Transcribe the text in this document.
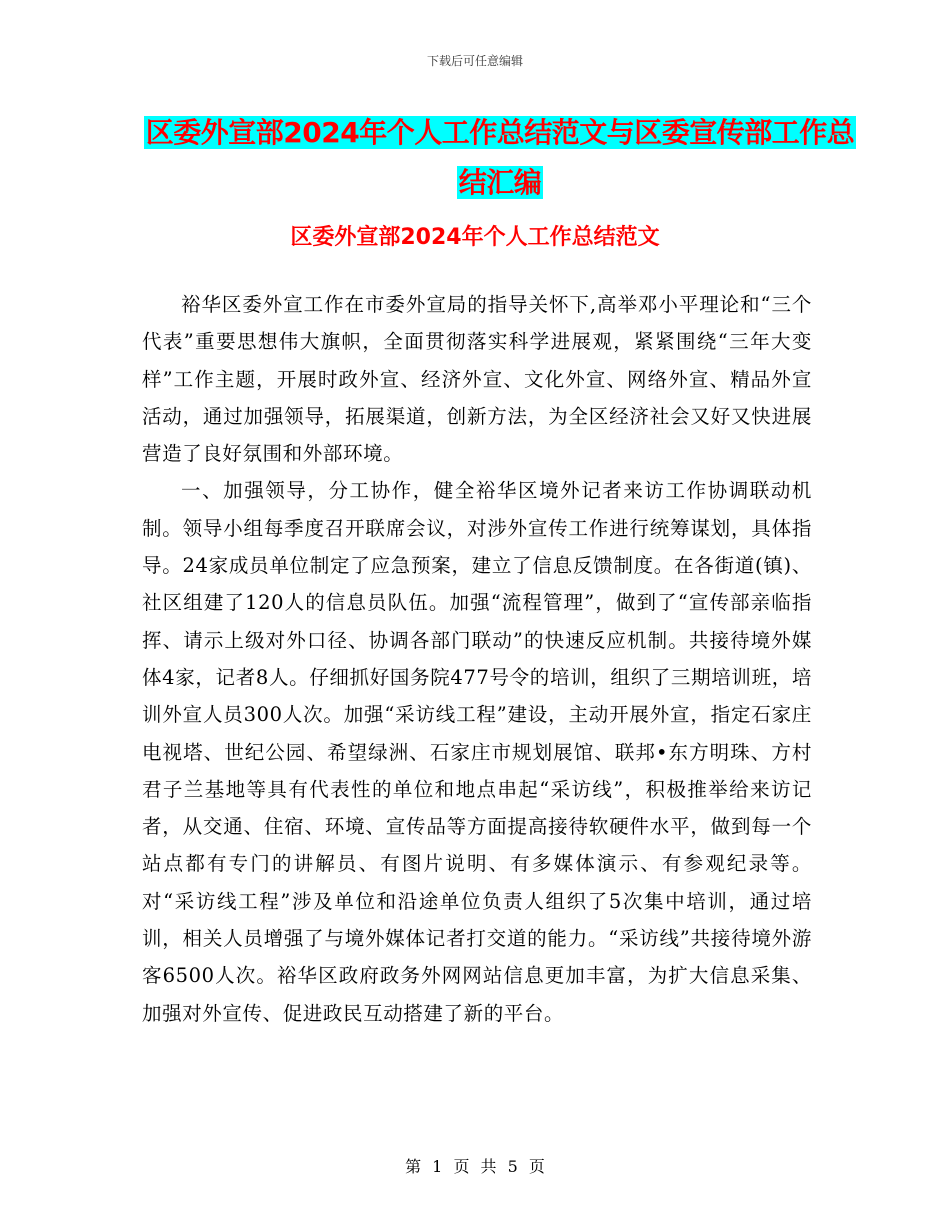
下载后可任意编辑
区委外宣部2024年个人工作总结范文与区委宣传部工作总结汇编
区委外宣部2024年个人工作总结范文

裕华区委外宣工作在市委外宣局的指导关怀下,高举邓小平理论和“三个代表”重要思想伟大旗帜，全面贯彻落实科学进展观，紧紧围绕“三年大变样”工作主题，开展时政外宣、经济外宣、文化外宣、网络外宣、精品外宣活动，通过加强领导，拓展渠道，创新方法，为全区经济社会又好又快进展营造了良好氛围和外部环境。

一、加强领导，分工协作，健全裕华区境外记者来访工作协调联动机制。领导小组每季度召开联席会议，对涉外宣传工作进行统筹谋划，具体指导。24家成员单位制定了应急预案，建立了信息反馈制度。在各街道(镇)、社区组建了120人的信息员队伍。加强“流程管理”，做到了“宣传部亲临指挥、请示上级对外口径、协调各部门联动”的快速反应机制。共接待境外媒体4家，记者8人。仔细抓好国务院477号令的培训，组织了三期培训班，培训外宣人员300人次。加强“采访线工程”建设，主动开展外宣，指定石家庄电视塔、世纪公园、希望绿洲、石家庄市规划展馆、联邦•东方明珠、方村君子兰基地等具有代表性的单位和地点串起“采访线”，积极推举给来访记者，从交通、住宿、环境、宣传品等方面提高接待软硬件水平，做到每一个站点都有专门的讲解员、有图片说明、有多媒体演示、有参观纪录等。对“采访线工程”涉及单位和沿途单位负责人组织了5次集中培训，通过培训，相关人员增强了与境外媒体记者打交道的能力。“采访线”共接待境外游客6500人次。裕华区政府政务外网网站信息更加丰富，为扩大信息采集、加强对外宣传、促进政民互动搭建了新的平台。

第 1 页 共 5 页
